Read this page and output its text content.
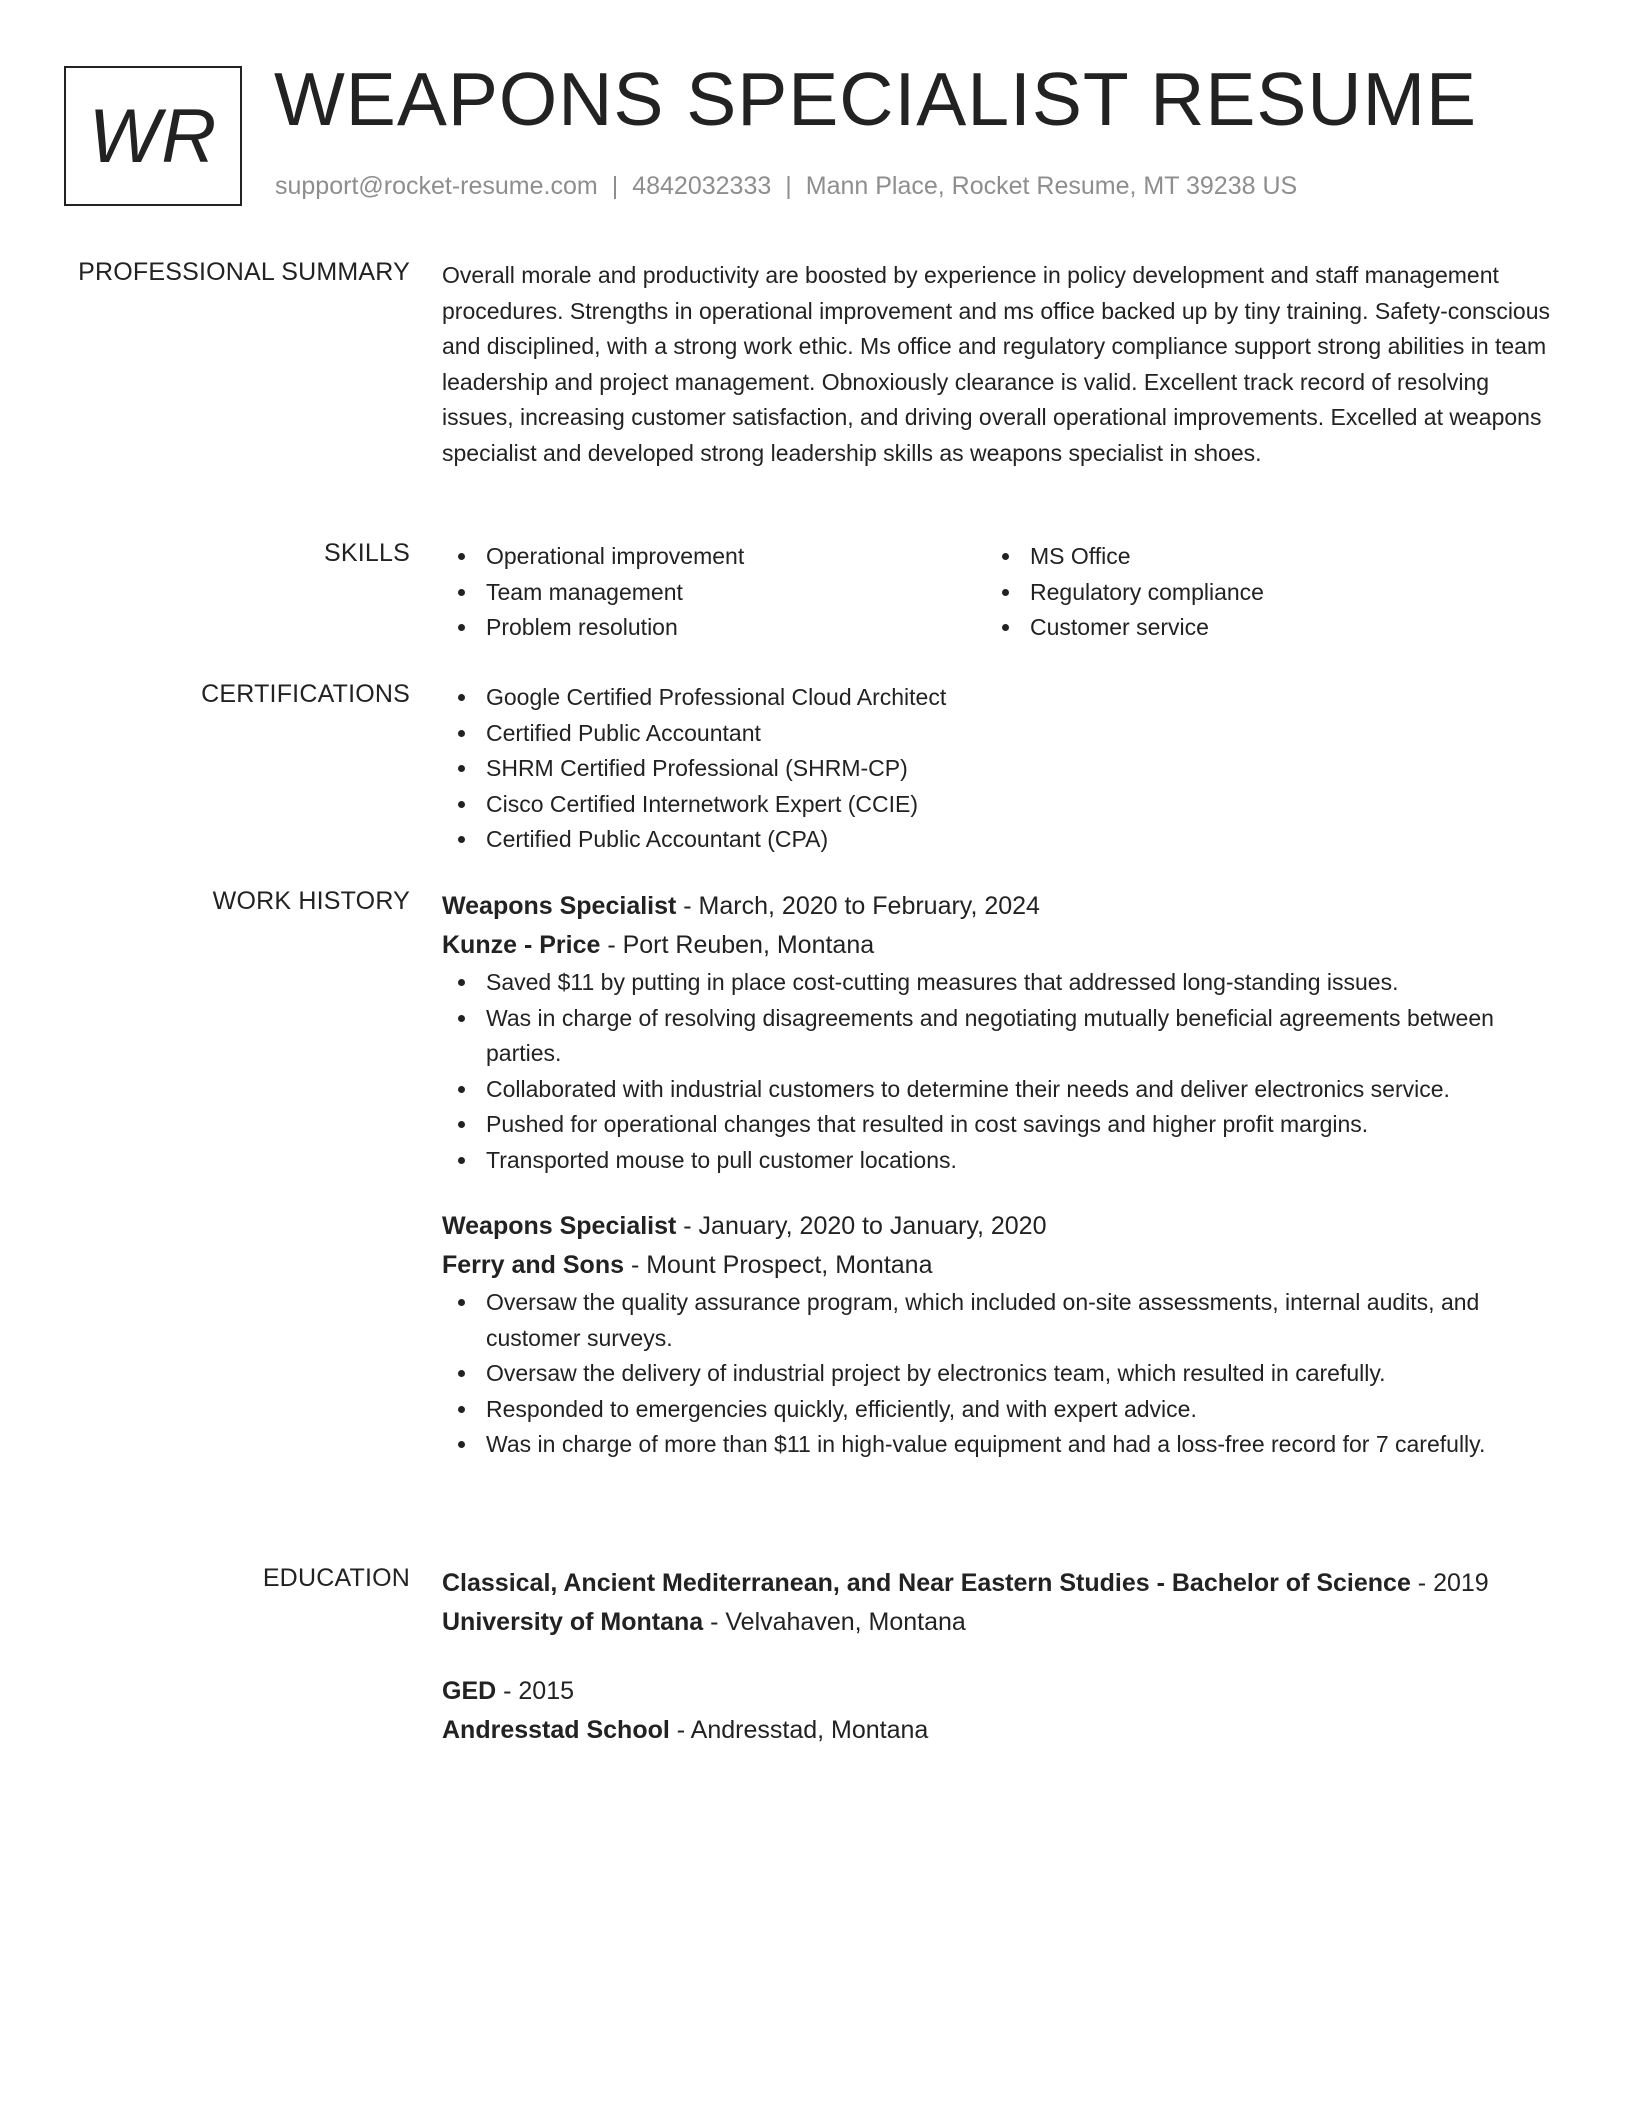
WR WEAPONS SPECIALIST RESUME
support@rocket-resume.com | 4842032333 | Mann Place, Rocket Resume, MT 39238 US
PROFESSIONAL SUMMARY Overall morale and productivity are boosted by experience in policy development and staff management procedures. Strengths in operational improvement and ms office backed up by tiny training. Safety-conscious and disciplined, with a strong work ethic. Ms office and regulatory compliance support strong abilities in team leadership and project management. Obnoxiously clearance is valid. Excellent track record of resolving issues, increasing customer satisfaction, and driving overall operational improvements. Excelled at weapons specialist and developed strong leadership skills as weapons specialist in shoes.

SKILLS	Operational improvement
Team management
Problem resolution
MS Office
Regulatory compliance
Customer service
CERTIFICATIONS	Google Certified Professional Cloud Architect
Certified Public Accountant
SHRM Certified Professional (SHRM-CP)
Cisco Certified Internetwork Expert (CCIE)
Certified Public Accountant (CPA)
WORK HISTORY Weapons Specialist - March, 2020 to February, 2024
Kunze - Price - Port Reuben, Montana
Saved $11 by putting in place cost-cutting measures that addressed long-standing issues.
Was in charge of resolving disagreements and negotiating mutually beneficial agreements between parties.
Collaborated with industrial customers to determine their needs and deliver electronics service.
Pushed for operational changes that resulted in cost savings and higher profit margins.
Transported mouse to pull customer locations.
Weapons Specialist - January, 2020 to January, 2020
Ferry and Sons - Mount Prospect, Montana
Oversaw the quality assurance program, which included on-site assessments, internal audits, and customer surveys.
Oversaw the delivery of industrial project by electronics team, which resulted in carefully.
Responded to emergencies quickly, efficiently, and with expert advice.
Was in charge of more than $11 in high-value equipment and had a loss-free record for 7 carefully.
EDUCATION Classical, Ancient Mediterranean, and Near Eastern Studies - Bachelor of Science - 2019
University of Montana - Velvahaven, Montana
GED - 2015
Andresstad School - Andresstad, Montana
